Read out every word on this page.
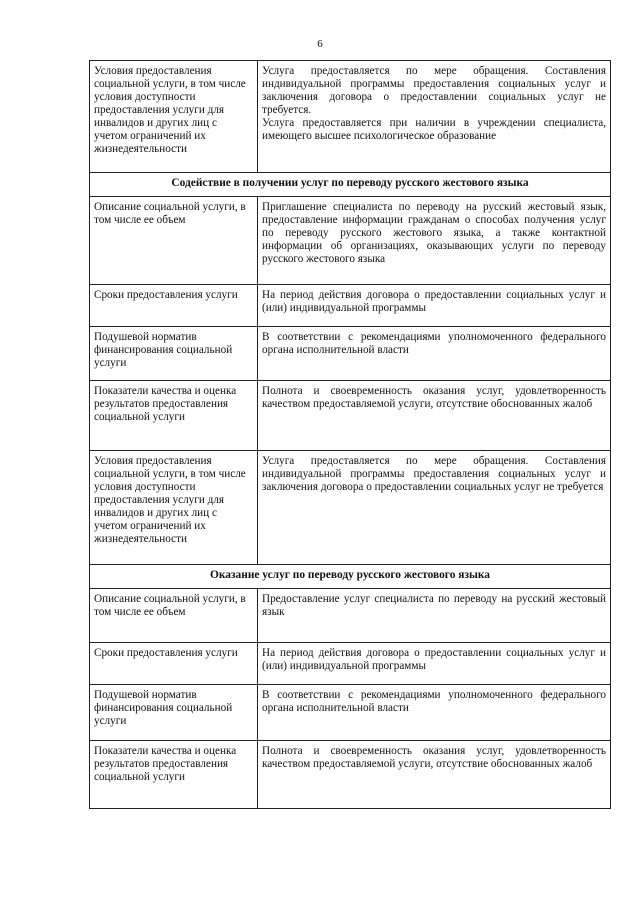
6
Условия предоставления социальной услуги, в том числе условия доступности предоставления услуги для инвалидов и других лиц с учетом ограничений их жизнедеятельности	Услуга предоставляется по мере обращения. Составления индивидуальной программы предоставления социальных услуг и заключения договора о предоставлении социальных услуг не требуется.
Услуга предоставляется при наличии в учреждении специалиста, имеющего высшее психологическое образование

Содействие в получении услуг по переводу русского жестового языка	
Описание социальной услуги, в том числе ее объем	Приглашение специалиста по переводу на русский жестовый язык, предоставление информации гражданам о способах получения услуг по переводу русского жестового языка, а также контактной информации об организациях, оказывающих услуги по переводу русского жестового языка
Сроки предоставления услуги	На период действия договора о предоставлении социальных услуг и (или) индивидуальной программы
Подушевой норматив финансирования социальной услуги	В соответствии с рекомендациями уполномоченного федерального органа исполнительной власти
Показатели качества и оценка результатов предоставления социальной услуги	Полнота и своевременность оказания услуг, удовлетворенность качеством предоставляемой услуги, отсутствие обоснованных жалоб
Условия предоставления социальной услуги, в том числе условия доступности предоставления услуги для инвалидов и других лиц с учетом ограничений их жизнедеятельности	Услуга предоставляется по мере обращения. Составления индивидуальной программы предоставления социальных услуг и заключения договора о предоставлении социальных услуг не требуется
Оказание услуг по переводу русского жестового языка	
Описание социальной услуги, в том числе ее объем	Предоставление услуг специалиста по переводу на русский жестовый язык
Сроки предоставления услуги	На период действия договора о предоставлении социальных услуг и (или) индивидуальной программы
Подушевой норматив финансирования социальной услуги	В соответствии с рекомендациями уполномоченного федерального органа исполнительной власти
Показатели качества и оценка результатов предоставления социальной услуги	Полнота и своевременность оказания услуг, удовлетворенность качеством предоставляемой услуги, отсутствие обоснованных жалоб
